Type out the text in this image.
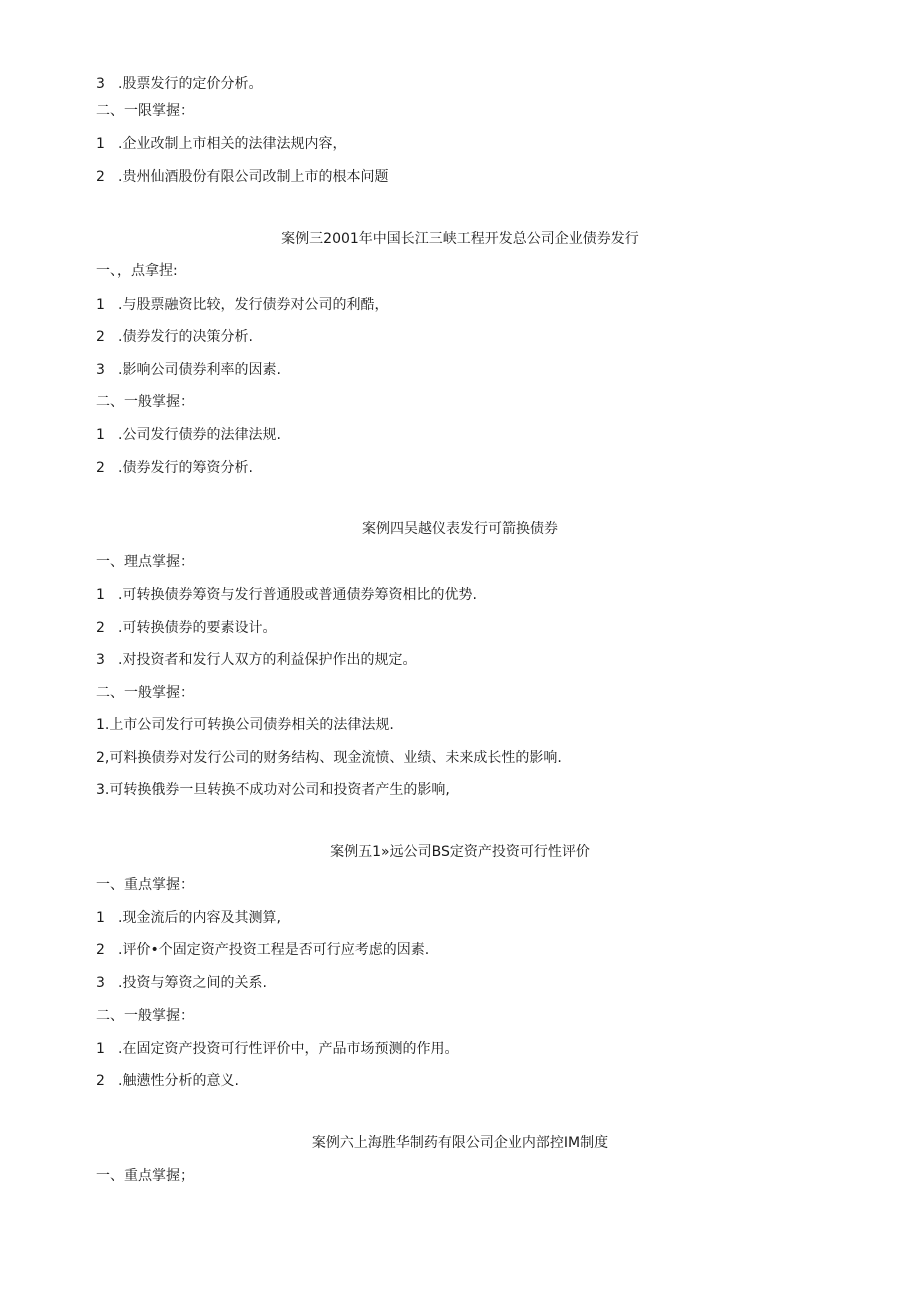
3 .股票发行的定价分析。
二、一限掌握：
1 .企业改制上市相关的法律法规内容，
2 .贵州仙酒股份有限公司改制上市的根本问题
案例三2001年中国长江三峡工程开发总公司企业债券发行
一、，点拿捏:
1 .与股票融资比较，发行债券对公司的利酷，
2 .债券发行的决策分析.
3 .影响公司债券利率的因素.
二、一般掌握：
1 .公司发行债券的法律法规.
2 .债券发行的筹资分析.
案例四吴越仪表发行可箭换债券
一、理点掌握：
1 .可转换债券筹资与发行普通股或普通债券筹资相比的优势.
2 .可转换债券的要素设计。
3 .对投资者和发行人双方的利益保护作出的规定。
二、一般掌握：
1.上市公司发行可转换公司债券相关的法律法规.
2,可料换债券对发行公司的财务结构、现金流愤、业绩、未来成长性的影响.
3.可转换俄券一旦转换不成功对公司和投资者产生的影响,
案例五1»远公司BS定资产投资可行性评价
一、重点掌握：
1 .现金流后的内容及其测算,
2 .评价•个固定资产投资工程是否可行应考虑的因素.
3 .投资与筹资之间的关系.
二、一般掌握：
1 .在固定资产投资可行性评价中，产品市场预测的作用。
2 .触懑性分析的意义.
案例六上海胜华制药有限公司企业内部控IM制度
一、重点掌握；
